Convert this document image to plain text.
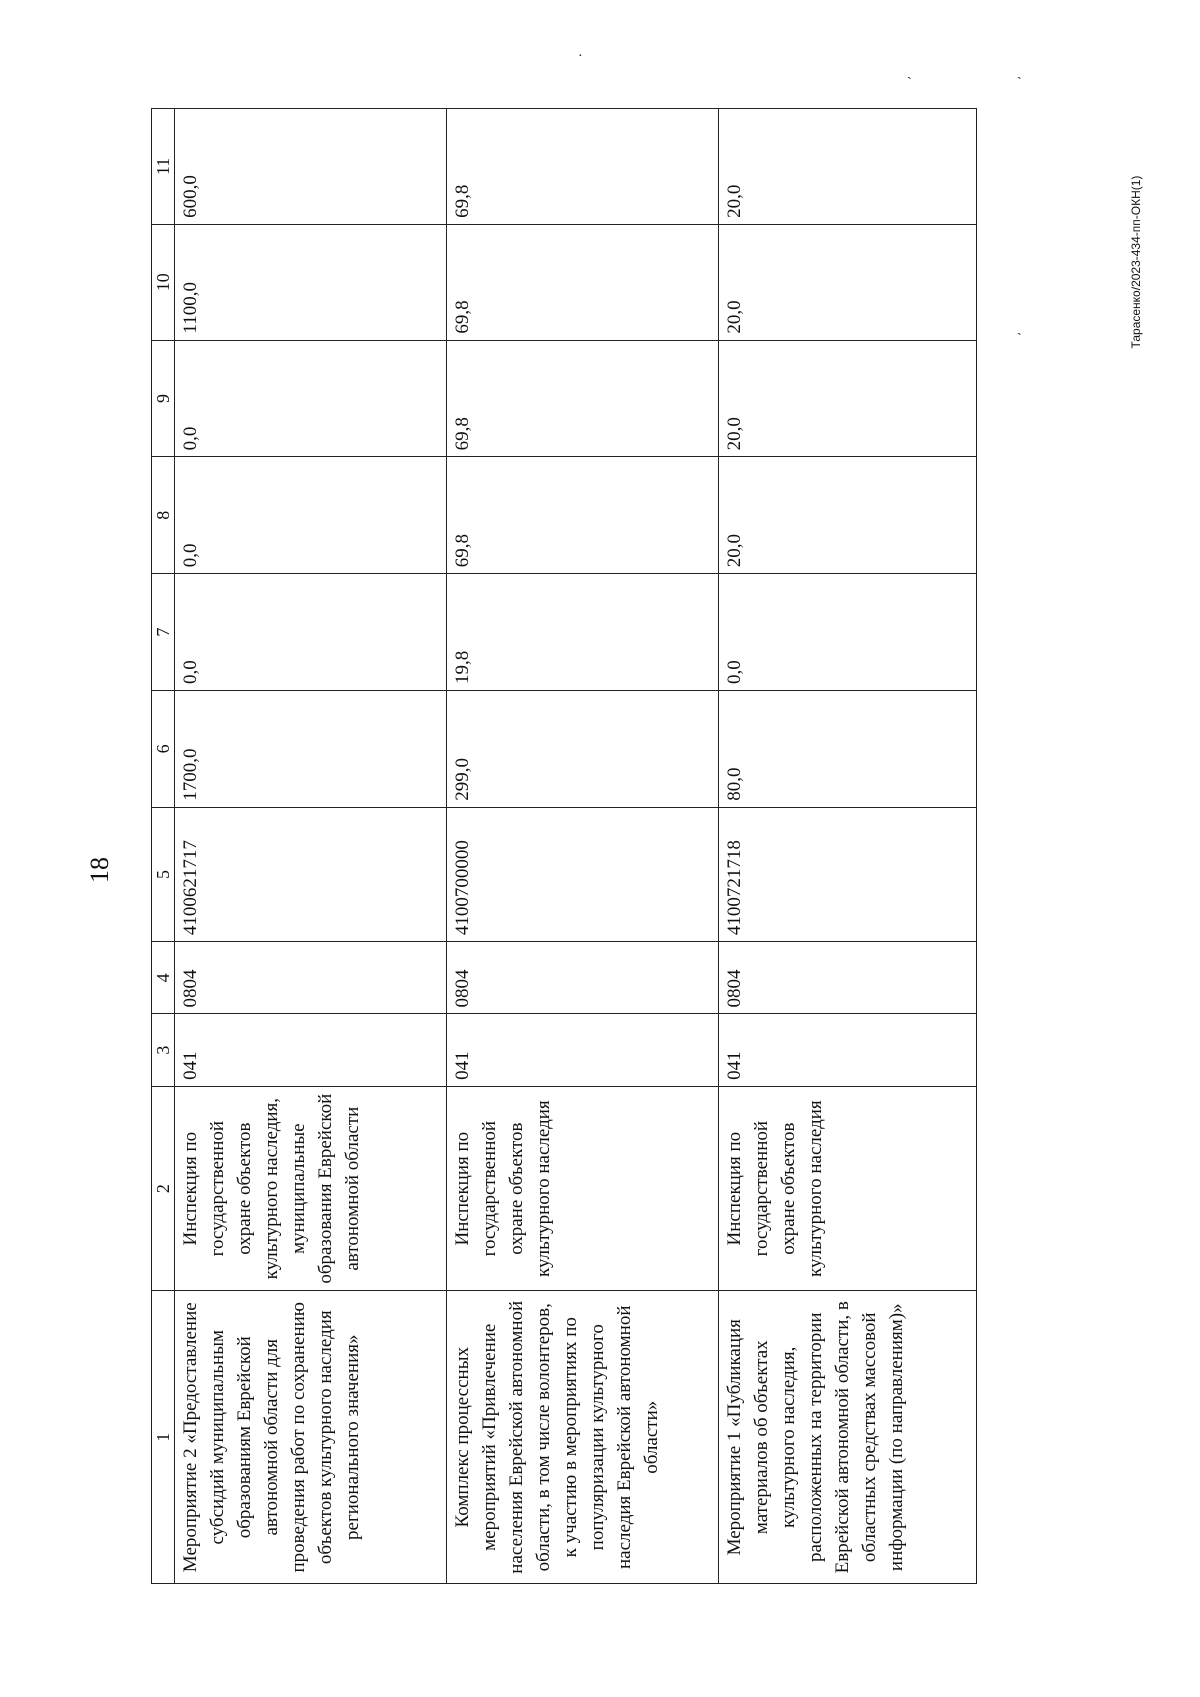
18
Тарасенко/2023-434-пп-ОКН(1)
·
ˏ	ˏ
ˏ
1	2	3	4	5	6	7	8	9	10	11
Мероприятие 2 «Предоставление субсидий муниципальным образованиям Еврейской автономной области для проведения работ по сохранению объектов культурного наследия регионального значения»	Инспекция по государственной охране объектов культурного наследия, муниципальные образования Еврейской автономной области	041	0804	4100621717	1700,0	0,0	0,0	0,0	1100,0	600,0
Комплекс процессных мероприятий «Привлечение населения Еврейской автономной области, в том числе волонтеров, к участию в мероприятиях по популяризации культурного наследия Еврейской автономной области»	Инспекция по государственной охране объектов культурного наследия	041	0804	4100700000	299,0	19,8	69,8	69,8	69,8	69,8
Мероприятие 1 «Публикация материалов об объектах культурного наследия, расположенных на территории Еврейской автономной области, в областных средствах массовой информации (по направлениям)»	Инспекция по государственной охране объектов культурного наследия	041	0804	4100721718	80,0	0,0	20,0	20,0	20,0	20,0
